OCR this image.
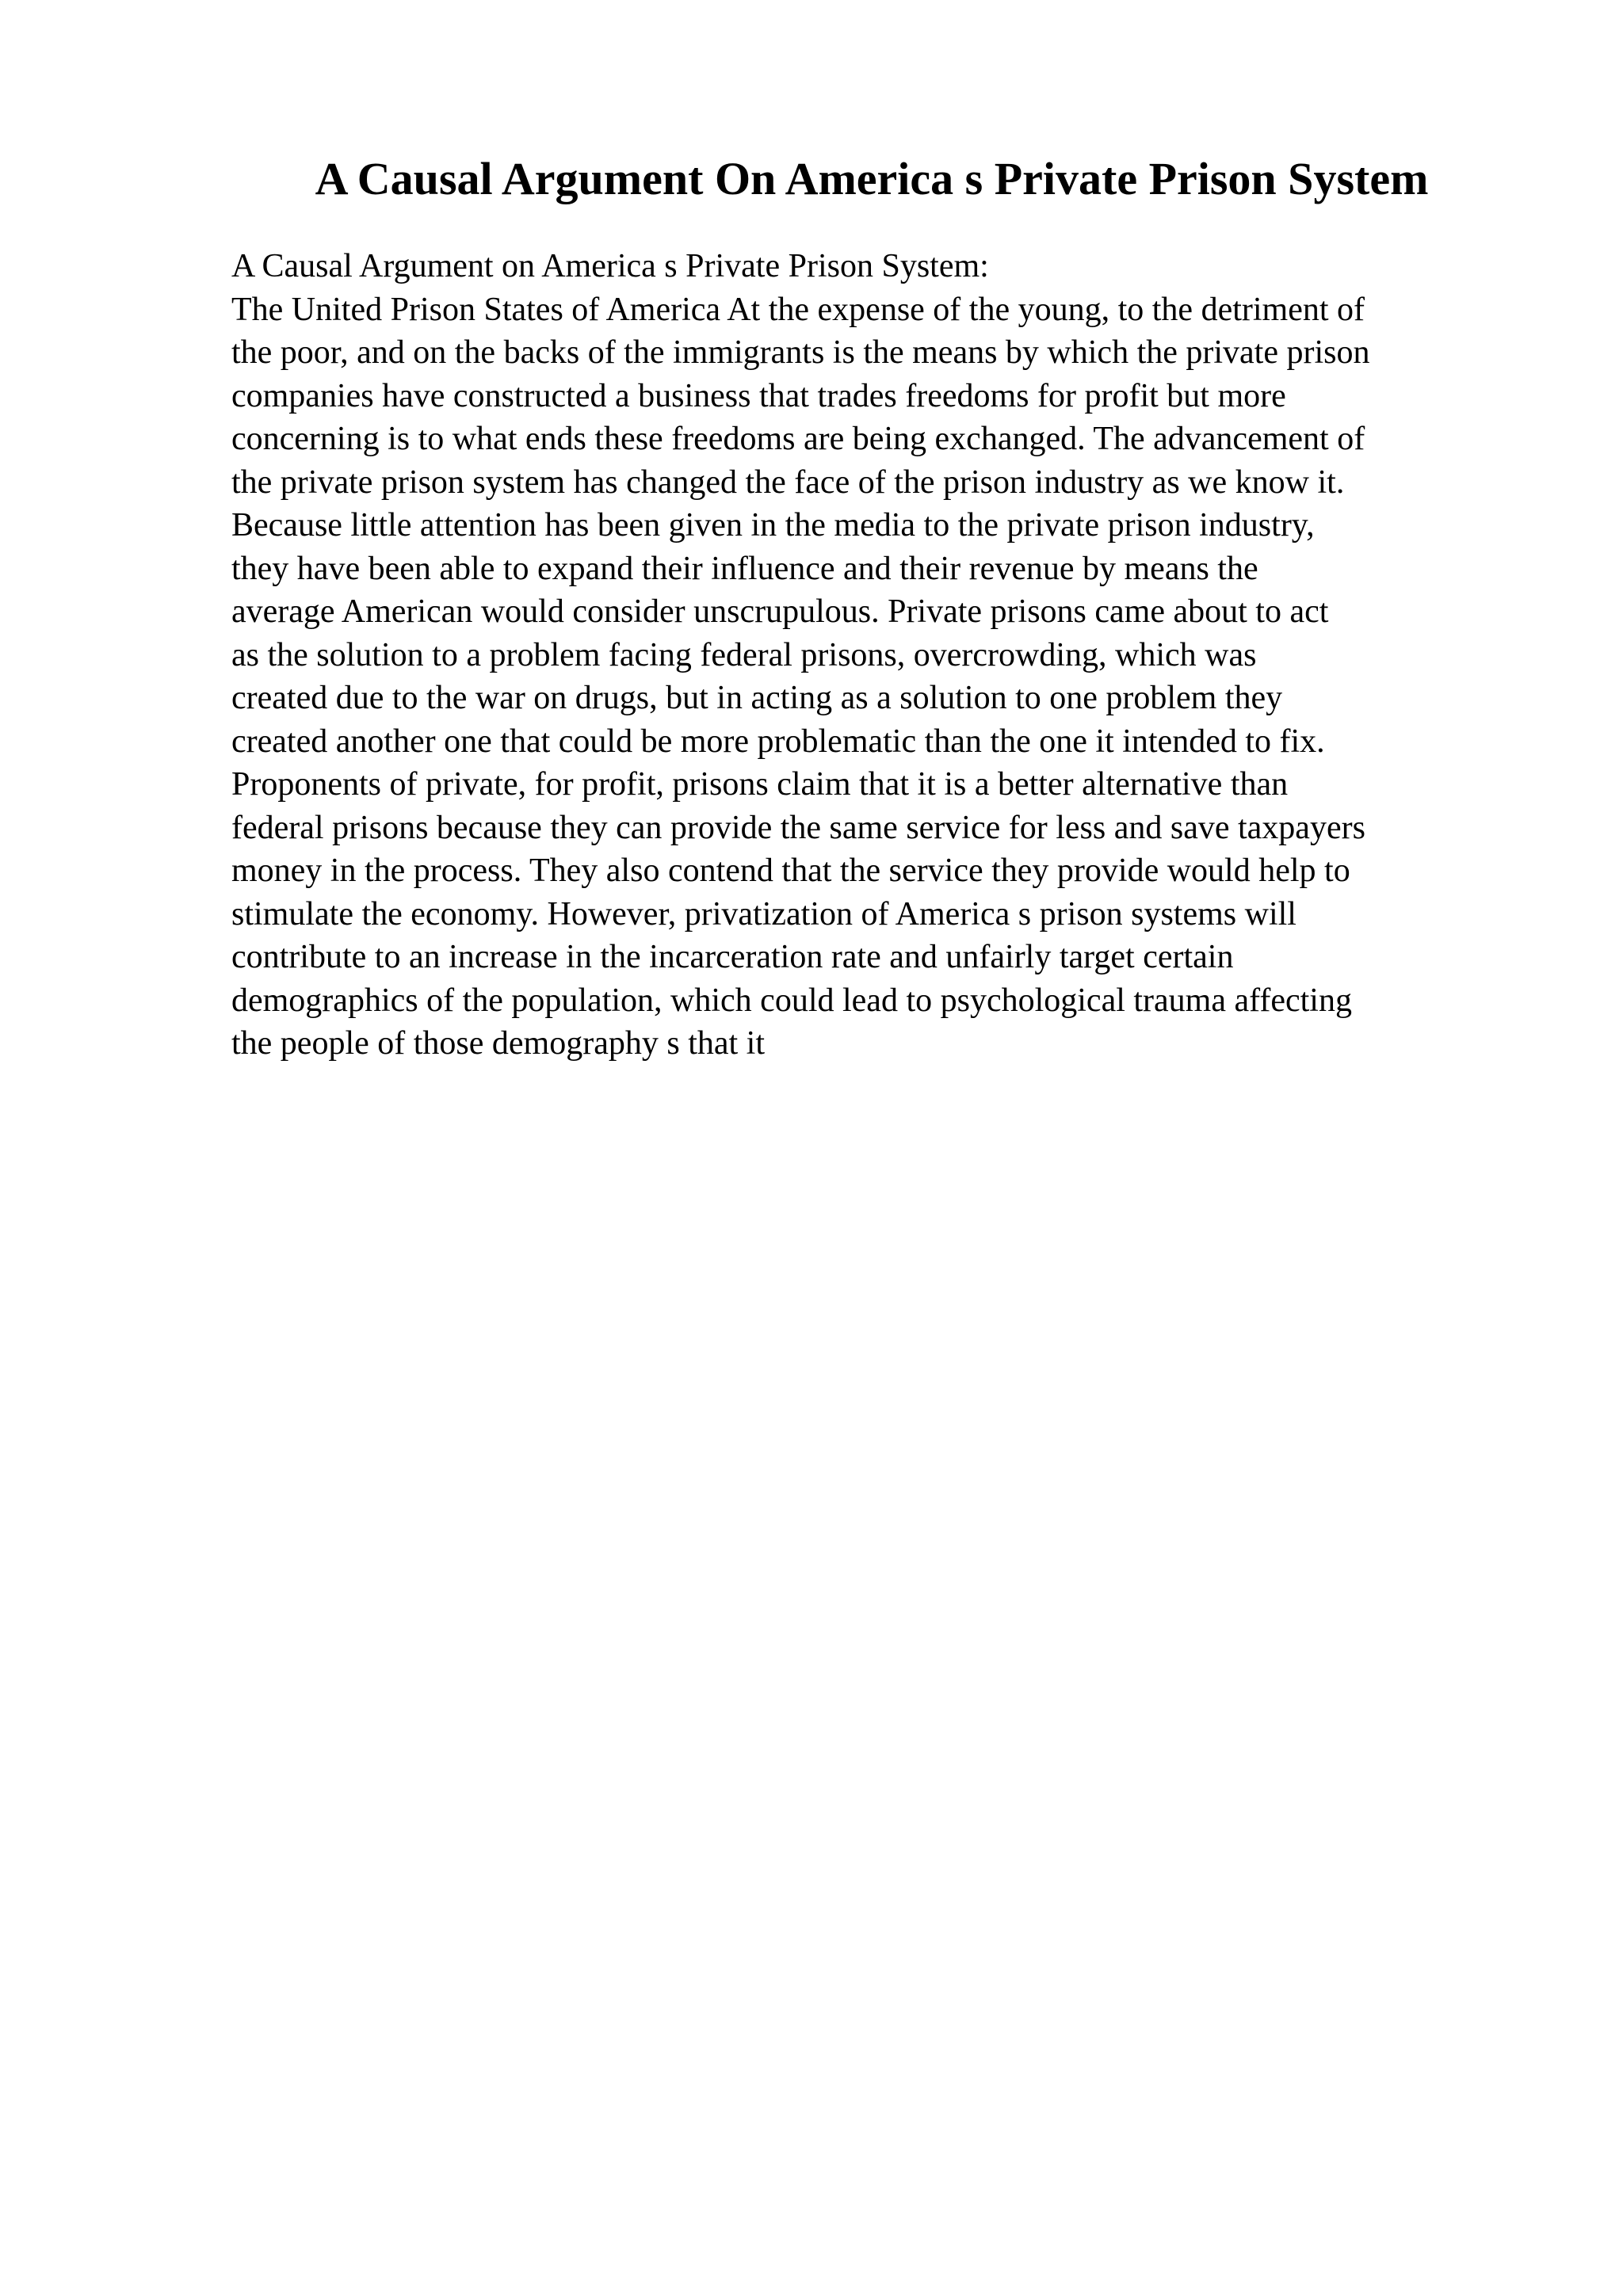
A Causal Argument On America s Private Prison System
A Causal Argument on America s Private Prison System:
The United Prison States of America At the expense of the young, to the detriment of
the poor, and on the backs of the immigrants is the means by which the private prison
companies have constructed a business that trades freedoms for profit but more
concerning is to what ends these freedoms are being exchanged. The advancement of
the private prison system has changed the face of the prison industry as we know it.
Because little attention has been given in the media to the private prison industry,
they have been able to expand their influence and their revenue by means the
average American would consider unscrupulous. Private prisons came about to act
as the solution to a problem facing federal prisons, overcrowding, which was
created due to the war on drugs, but in acting as a solution to one problem they
created another one that could be more problematic than the one it intended to fix.
Proponents of private, for profit, prisons claim that it is a better alternative than
federal prisons because they can provide the same service for less and save taxpayers
money in the process. They also contend that the service they provide would help to
stimulate the economy. However, privatization of America s prison systems will
contribute to an increase in the incarceration rate and unfairly target certain
demographics of the population, which could lead to psychological trauma affecting
the people of those demography s that it
